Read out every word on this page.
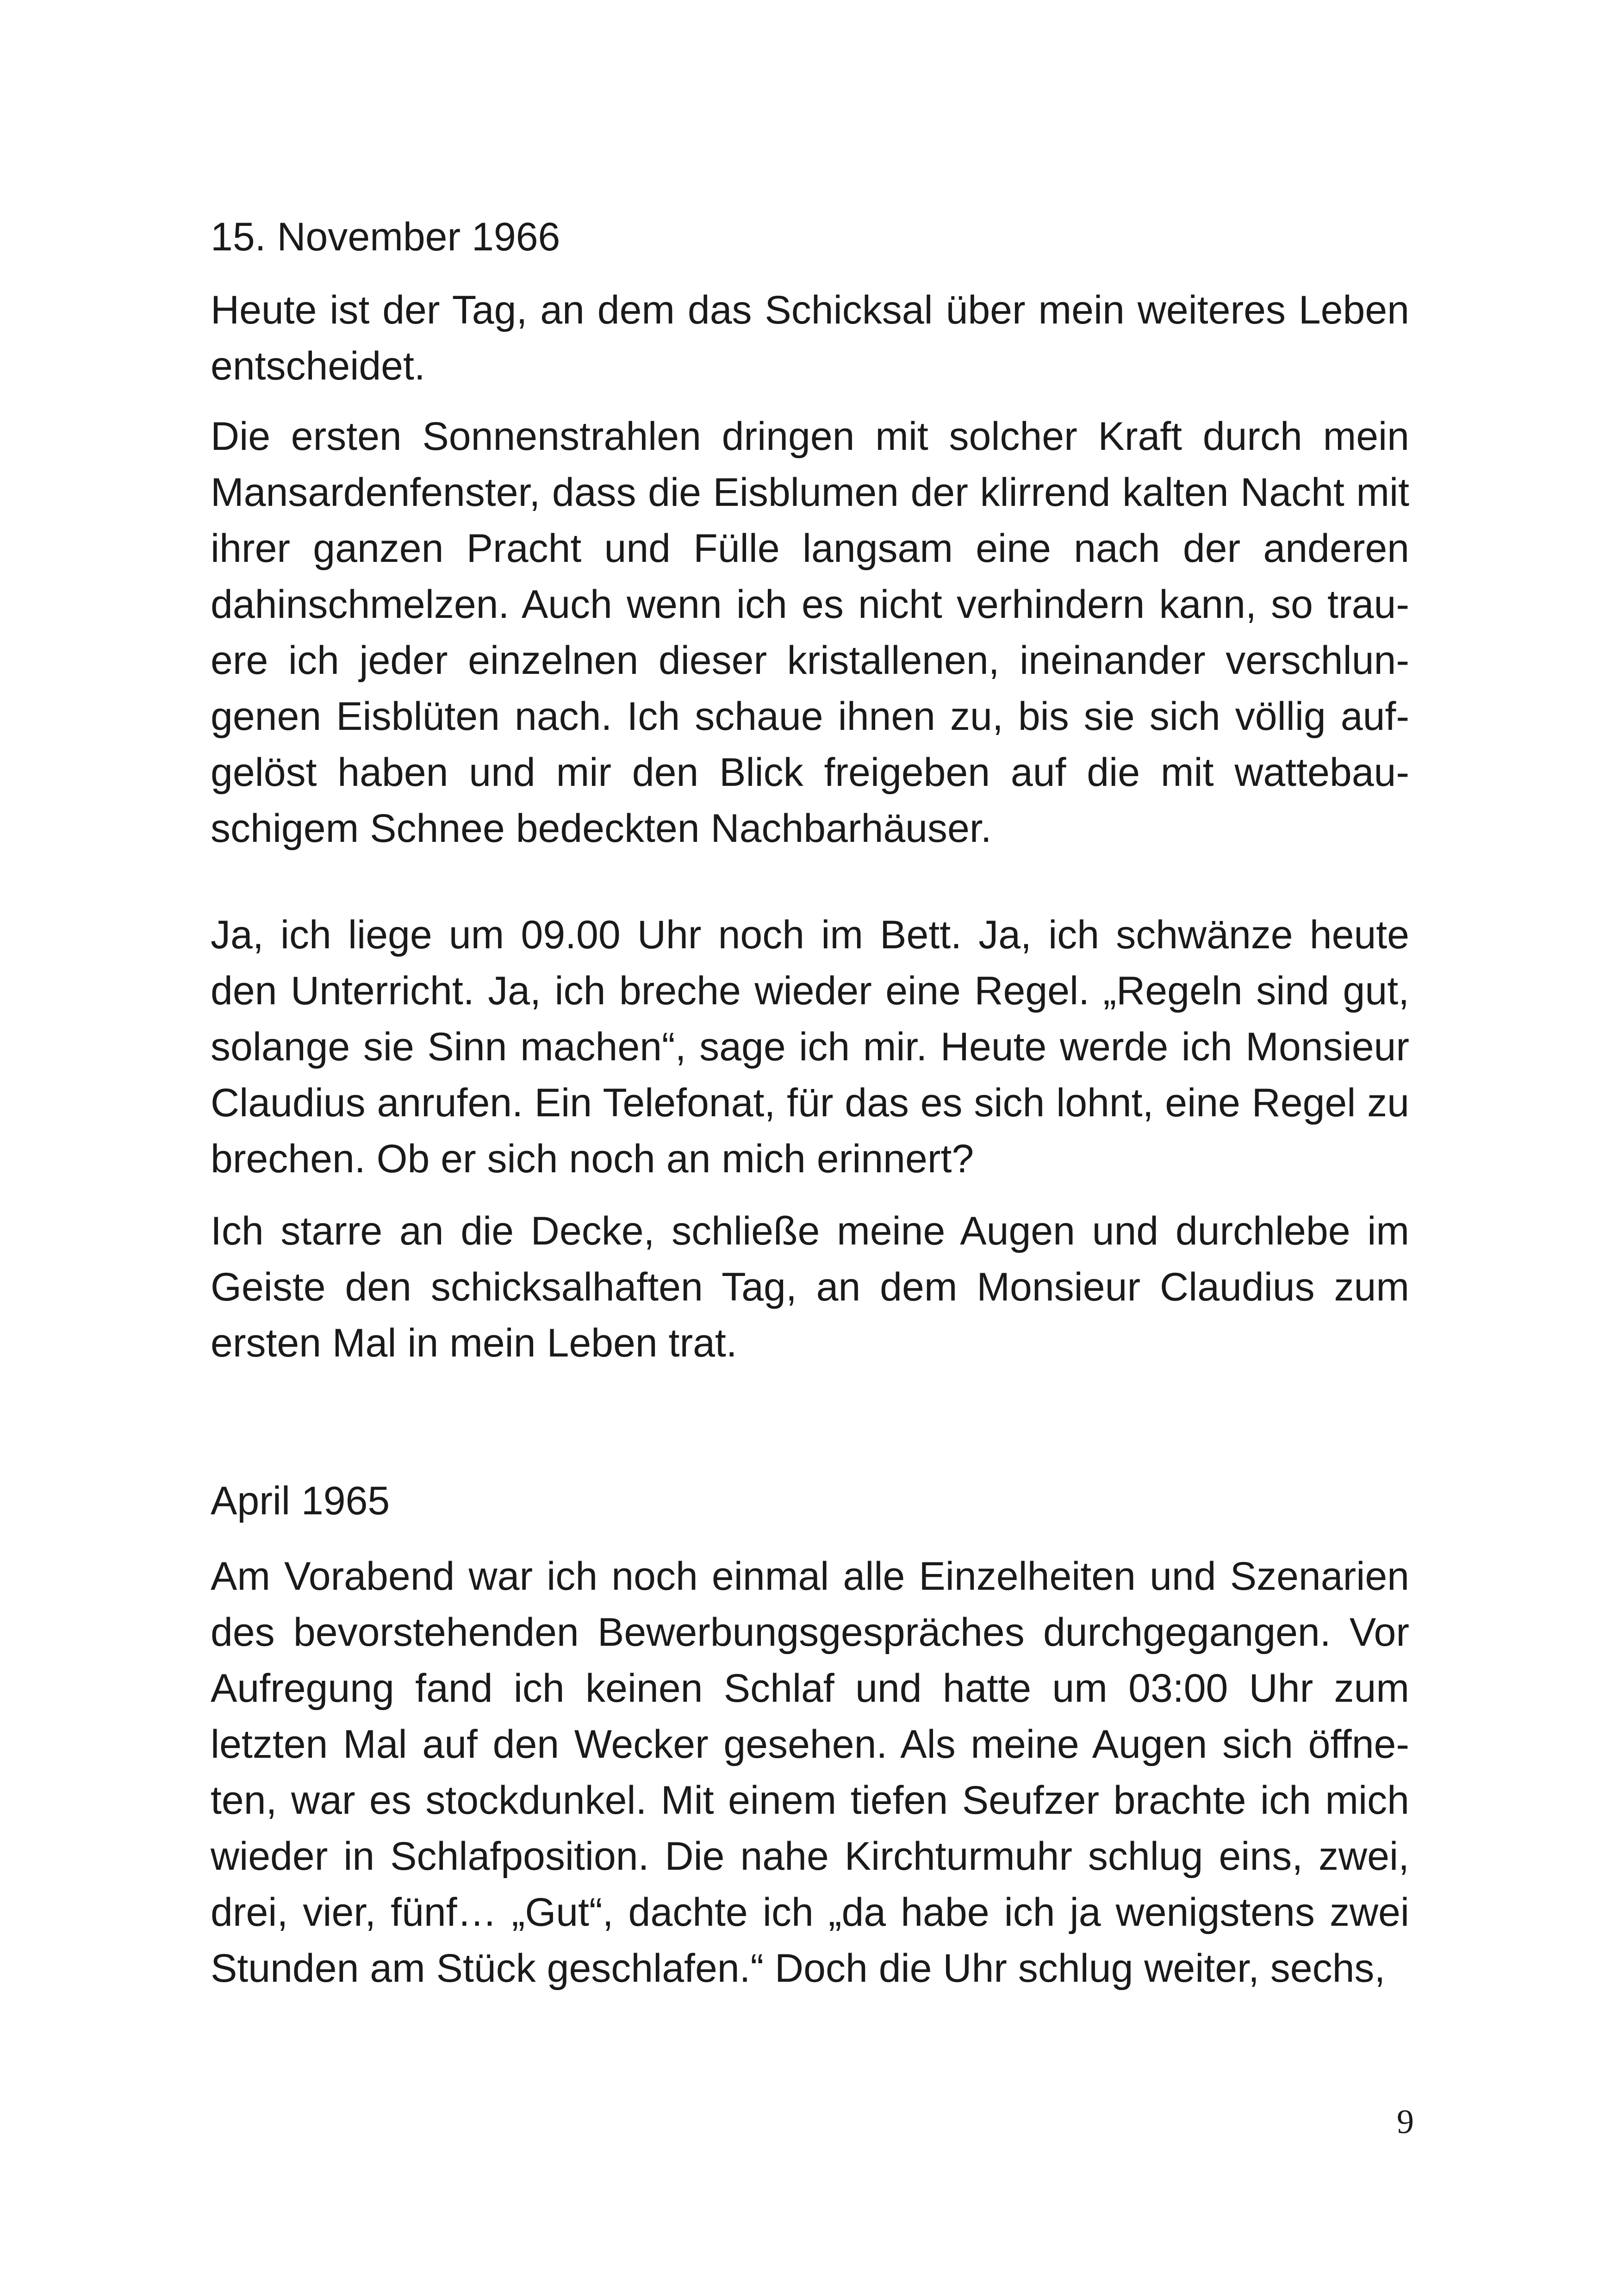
15. November 1966

Heute ist der Tag, an dem das Schicksal über mein weiteres Leben entscheidet.

Die ersten Sonnenstrahlen dringen mit solcher Kraft durch mein Mansardenfenster, dass die Eisblumen der klirrend kalten Nacht mit ihrer ganzen Pracht und Fülle langsam eine nach der anderen dahinschmelzen. Auch wenn ich es nicht verhindern kann, so trauere ich jeder einzelnen dieser kristallenen, ineinander verschlungenen Eisblüten nach. Ich schaue ihnen zu, bis sie sich völlig aufgelöst haben und mir den Blick freigeben auf die mit wattebauschigem Schnee bedeckten Nachbarhäuser.

Ja, ich liege um 09.00 Uhr noch im Bett. Ja, ich schwänze heute den Unterricht. Ja, ich breche wieder eine Regel. „Regeln sind gut, solange sie Sinn machen“, sage ich mir. Heute werde ich Monsieur Claudius anrufen. Ein Telefonat, für das es sich lohnt, eine Regel zu brechen. Ob er sich noch an mich erinnert?

Ich starre an die Decke, schließe meine Augen und durchlebe im Geiste den schicksalhaften Tag, an dem Monsieur Claudius zum ersten Mal in mein Leben trat.

April 1965

Am Vorabend war ich noch einmal alle Einzelheiten und Szenarien des bevorstehenden Bewerbungsgespräches durchgegangen. Vor Aufregung fand ich keinen Schlaf und hatte um 03:00 Uhr zum letzten Mal auf den Wecker gesehen. Als meine Augen sich öffneten, war es stockdunkel. Mit einem tiefen Seufzer brachte ich mich wieder in Schlafposition. Die nahe Kirchturmuhr schlug eins, zwei, drei, vier, fünf… „Gut“, dachte ich „da habe ich ja wenigstens zwei Stunden am Stück geschlafen.“ Doch die Uhr schlug weiter, sechs,

9
